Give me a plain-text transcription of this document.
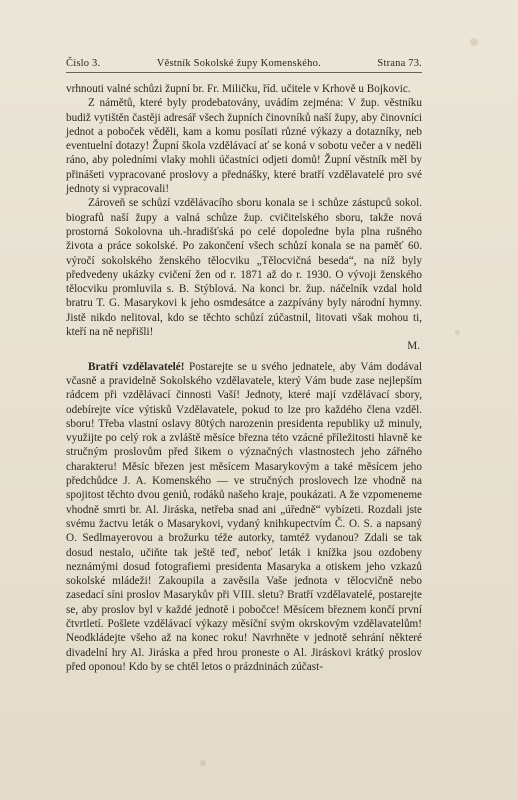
Číslo 3.	Věstník Sokolské župy Komenského.	Strana 73.

vrhnouti valné schůzi župní br. Fr. Miličku, říd. učitele v Krhově u Bojkovic.

Z námětů, které byly prodebatovány, uvádím zejména: V žup. věstníku budiž vytištěn častěji adresář všech župních činovníků naší župy, aby činovníci jednot a poboček věděli, kam a komu posílati různé výkazy a dotazníky, neb eventuelní dotazy! Župní škola vzdělávací ať se koná v sobotu večer a v neděli ráno, aby poledními vlaky mohli účastníci odjeti domů! Župní věstník měl by přinášeti vypracované proslovy a přednášky, které bratří vzdělavatelé pro své jednoty si vypracovali!

Zároveň se schůzí vzdělávacího sboru konala se i schůze zástupců sokol. biografů naší župy a valná schůze žup. cvičitelského sboru, takže nová prostorná Sokolovna uh.-hradišťská po celé dopoledne byla plna rušného života a práce sokolské. Po zakončení všech schůzí konala se na paměť 60. výročí sokolského ženského tělocviku „Tělocvičná beseda“, na níž byly předvedeny ukázky cvičení žen od r. 1871 až do r. 1930. O vývoji ženského tělocviku promluvila s. B. Stýblová. Na konci br. žup. náčelník vzdal hold bratru T. G. Masarykovi k jeho osmdesátce a zazpívány byly národní hymny. Jistě nikdo nelitoval, kdo se těchto schůzí zúčastnil, litovati však mohou ti, kteří na ně nepřišli!

M.

Bratří vzdělavatelé! Postarejte se u svého jednatele, aby Vám dodával včasně a pravidelně Sokolského vzdělavatele, který Vám bude zase nejlepším rádcem při vzdělávací činnosti Vaší! Jednoty, které mají vzdělávací sbory, odebírejte více výtisků Vzdělavatele, pokud to lze pro každého člena vzděl. sboru! Třeba vlastní oslavy 80tých narozenin presidenta republiky už minuly, využijte po celý rok a zvláště měsíce března této vzácné příležitosti hlavně ke stručným proslovům před šikem o význačných vlastnostech jeho zářného charakteru! Měsíc březen jest měsícem Masarykovým a také měsícem jeho předchůdce J. A. Komenského — ve stručných proslovech lze vhodně na spojitost těchto dvou geniů, rodáků našeho kraje, poukázati. A že vzpomeneme vhodně smrti br. Al. Jiráska, netřeba snad ani „úředně“ vybízeti. Rozdali jste svému žactvu leták o Masarykovi, vydaný knihkupectvím Č. O. S. a napsaný O. Sedlmayerovou a brožurku téže autorky, tamtéž vydanou? Zdali se tak dosud nestalo, učiňte tak ještě teď, neboť leták i knížka jsou ozdobeny neznámými dosud fotografiemi presidenta Masaryka a otiskem jeho vzkazů sokolské mládeži! Zakoupila a zavěsila Vaše jednota v tělocvičně nebo zasedací síni proslov Masarykův při VIII. sletu? Bratří vzdělavatelé, postarejte se, aby proslov byl v každé jednotě i pobočce! Měsícem březnem končí první čtvrtletí. Pošlete vzdělávací výkazy měsíční svým okrskovým vzdělavatelům! Neodkládejte všeho až na konec roku! Navrhněte v jednotě sehrání některé divadelní hry Al. Jiráska a před hrou proneste o Al. Jiráskovi krátký proslov před oponou! Kdo by se chtěl letos o prázdninách zúčast-
